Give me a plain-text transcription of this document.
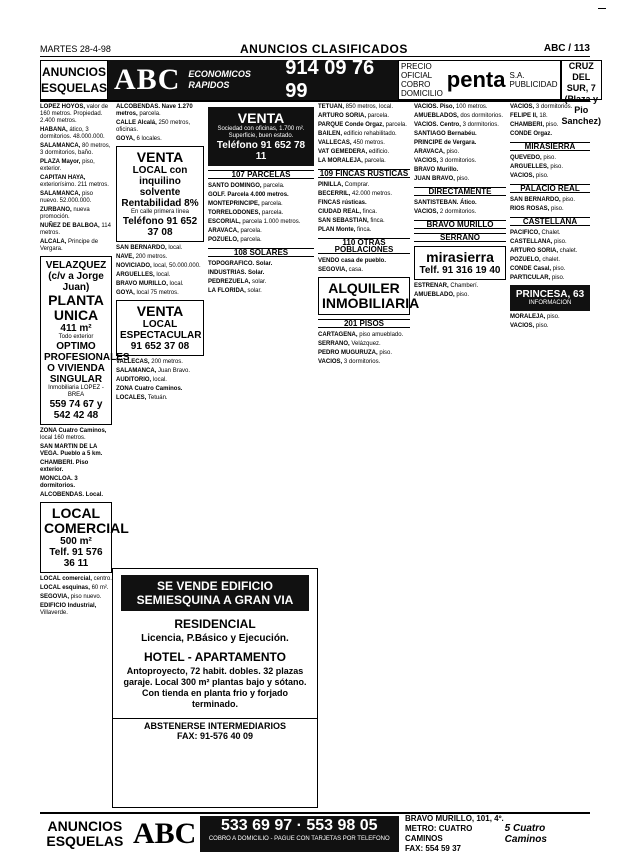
MARTES 28-4-98	ANUNCIOS CLASIFICADOS	ABC / 113
ANUNCIOS ESQUELAS ABC ECONOMICOS RAPIDOS
914 09 76 99
PRECIO OFICIAL COBRO DOMICILIO
penta S.A. PUBLICIDAD
CRUZ DEL SUR, 7 (Plaza y Pio Sanchez)

LOPEZ HOYOS, valor de 160 metros. Propiedad. 2.400 metros.

HABANA, ático, 3 dormitorios. 48.000.000.

SALAMANCA, 80 metros, 3 dormitorios, baño.

PLAZA Mayor, piso, exterior.

CAPITAN HAYA, exteriorísimo. 211 metros.

SALAMANCA, piso nuevo. 52.000.000.

ZURBANO, nueva promoción.

NUÑEZ DE BALBOA, 114 metros.

ALCALA, Principe de Vergara.

VELAZQUEZ (c/v a Jorge Juan)
PLANTA UNICA
411 m²
Todo exterior
OPTIMO PROFESIONALES
O VIVIENDA SINGULAR
Inmobiliaria LOPEZ - BREA
559 74 67 y 542 42 48

ZONA Cuatro Caminos, local 160 metros.

SAN MARTIN DE LA VEGA. Pueblo a 5 km.

CHAMBERI. Piso exterior.

MONCLOA. 3 dormitorios.

ALCOBENDAS. Local.

LOCAL COMERCIAL
500 m²
Telf. 91 576 36 11

LOCAL comercial, centro.

LOCAL esquinas, 60 m².

SEGOVIA, piso nuevo.

EDIFICIO Industrial, Villaverde.

ALCOBENDAS. Nave 1.270 metros, parcela.

CALLE Alcalá, 250 metros, oficinas.

GOYA, 6 locales.

VENTA
LOCAL con inquilino solvente
Rentabilidad 8%
En calle primera línea
Teléfono 91 652 37 08

SAN BERNARDO, local.

NAVE, 200 metros.

NOVICIADO, local, 50.000.000.

ARGUELLES, local.

BRAVO MURILLO, local.

GOYA, local 75 metros.

VENTA
LOCAL ESPECTACULAR
91 652 37 08

VALLECAS, 200 metros.

SALAMANCA, Juan Bravo.

AUDITORIO, local.

ZONA Cuatro Caminos.

LOCALES, Tetuán.

VENTA
Sociedad con oficinas, 1.700 m². Superficie, buen estado.
Teléfono 91 652 78 11
107 PARCELAS

SANTO DOMINGO, parcela.

GOLF. Parcela 4.000 metros.

MONTEPRINCIPE, parcela.

TORRELODONES, parcela.

ESCORIAL, parcela 1.000 metros.

ARAVACA, parcela.

POZUELO, parcela.

108 SOLARES

TOPOGRAFICO. Solar.

INDUSTRIAS. Solar.

PEDREZUELA, solar.

LA FLORIDA, solar.

TETUAN, 850 metros, local.

ARTURO SORIA, parcela.

PARQUE Conde Orgaz, parcela.

BAILEN, edificio rehabilitado.

VALLECAS, 450 metros.

VAT GEMEDERA, edificio.

LA MORALEJA, parcela.

109 FINCAS RUSTICAS

PINILLA, Comprar.

BECERRIL, 42.000 metros.

FINCAS rústicas.

CIUDAD REAL, finca.

SAN SEBASTIAN, finca.

PLAN Monte, finca.

110 OTRAS POBLACIONES

VENDO casa de pueblo.

SEGOVIA, casa.

ALQUILER INMOBILIARIA
201 PISOS

CARTAGENA, piso amueblado.

SERRANO, Velázquez.

PEDRO MUGURUZA, piso.

VACIOS, 3 dormitorios.

VACIOS. Piso, 100 metros.

AMUEBLADOS, dos dormitorios.

VACIOS. Centro, 3 dormitorios.

SANTIAGO Bernabéu.

PRINCIPE de Vergara.

ARAVACA, piso.

VACIOS, 3 dormitorios.

BRAVO Murillo.

JUAN BRAVO, piso.

DIRECTAMENTE

SANTISTEBAN. Ático.

VACIOS, 2 dormitorios.

BRAVO MURILLO
SERRANO
mirasierra
Telf. 91 316 19 40

ESTRENAR, Chamberí.

AMUEBLADO, piso.

VACIOS, 3 dormitorios.

FELIPE II, 18.

CHAMBERI, piso.

CONDE Orgaz.

MIRASIERRA

QUEVEDO, piso.

ARGUELLES, piso.

VACIOS, piso.

PALACIO REAL

SAN BERNARDO, piso.

RIOS ROSAS, piso.

CASTELLANA

PACIFICO, Chalet.

CASTELLANA, piso.

ARTURO SORIA, chalet.

POZUELO, chalet.

CONDE Casal, piso.

PARTICULAR, piso.

PRINCESA, 63
INFORMACION

MORALEJA, piso.

VACIOS, piso.

SE VENDE EDIFICIO SEMIESQUINA A GRAN VIA
RESIDENCIAL
Licencia, P.Básico y Ejecución.
HOTEL - APARTAMENTO
Antoproyecto, 72 habit. dobles. 32 plazas garaje. Local 300 m² plantas bajo y sótano. Con tienda en planta frio y forjado terminado.
ABSTENERSE INTERMEDIARIOS
FAX: 91-576 40 09
ANUNCIOS ESQUELAS ABC	533 69 97 · 553 98 05
COBRO A DOMICILIO - PAGUE CON TARJETAS POR TELEFONO
BRAVO MURILLO, 101, 4º. METRO: CUATRO CAMINOS
FAX: 554 59 37
5 Cuatro Caminos
